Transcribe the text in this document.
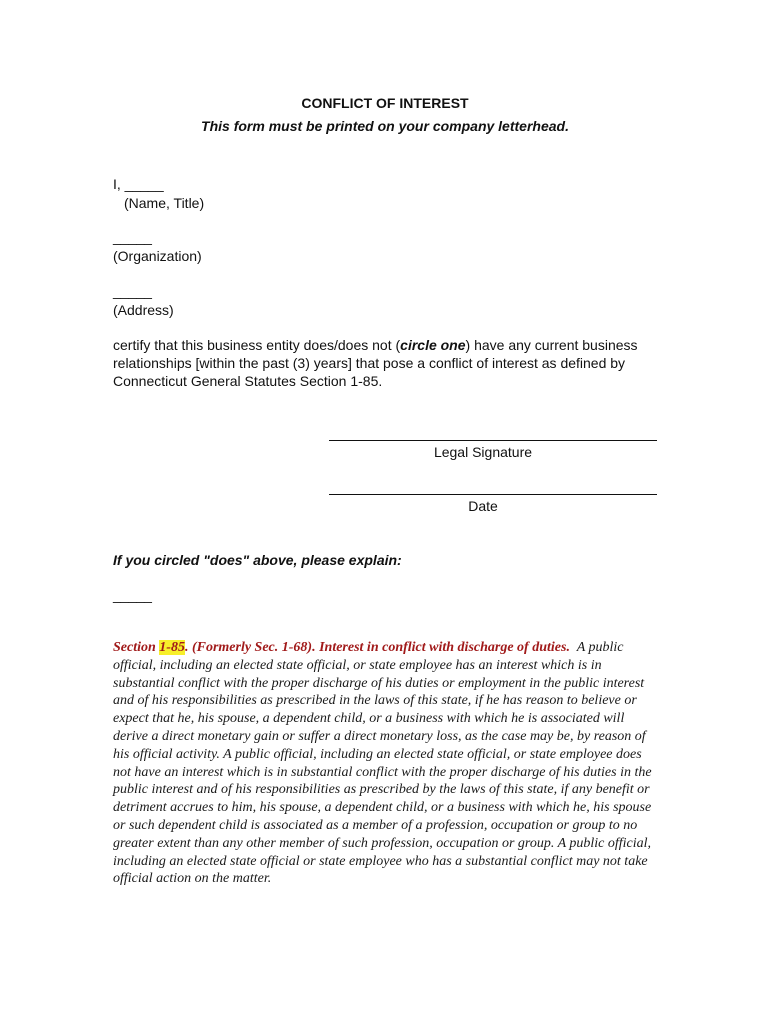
CONFLICT OF INTEREST
This form must be printed on your company letterhead.
I, _____
(Name, Title)
_____
(Organization)
_____
(Address)
certify that this business entity does/does not (circle one) have any current business relationships [within the past (3) years] that pose a conflict of interest as defined by Connecticut General Statutes Section 1-85.
Legal Signature
Date
If you circled "does" above, please explain:
_____
Section 1-85. (Formerly Sec. 1-68). Interest in conflict with discharge of duties. A public official, including an elected state official, or state employee has an interest which is in substantial conflict with the proper discharge of his duties or employment in the public interest and of his responsibilities as prescribed in the laws of this state, if he has reason to believe or expect that he, his spouse, a dependent child, or a business with which he is associated will derive a direct monetary gain or suffer a direct monetary loss, as the case may be, by reason of his official activity. A public official, including an elected state official, or state employee does not have an interest which is in substantial conflict with the proper discharge of his duties in the public interest and of his responsibilities as prescribed by the laws of this state, if any benefit or detriment accrues to him, his spouse, a dependent child, or a business with which he, his spouse or such dependent child is associated as a member of a profession, occupation or group to no greater extent than any other member of such profession, occupation or group. A public official, including an elected state official or state employee who has a substantial conflict may not take official action on the matter.
